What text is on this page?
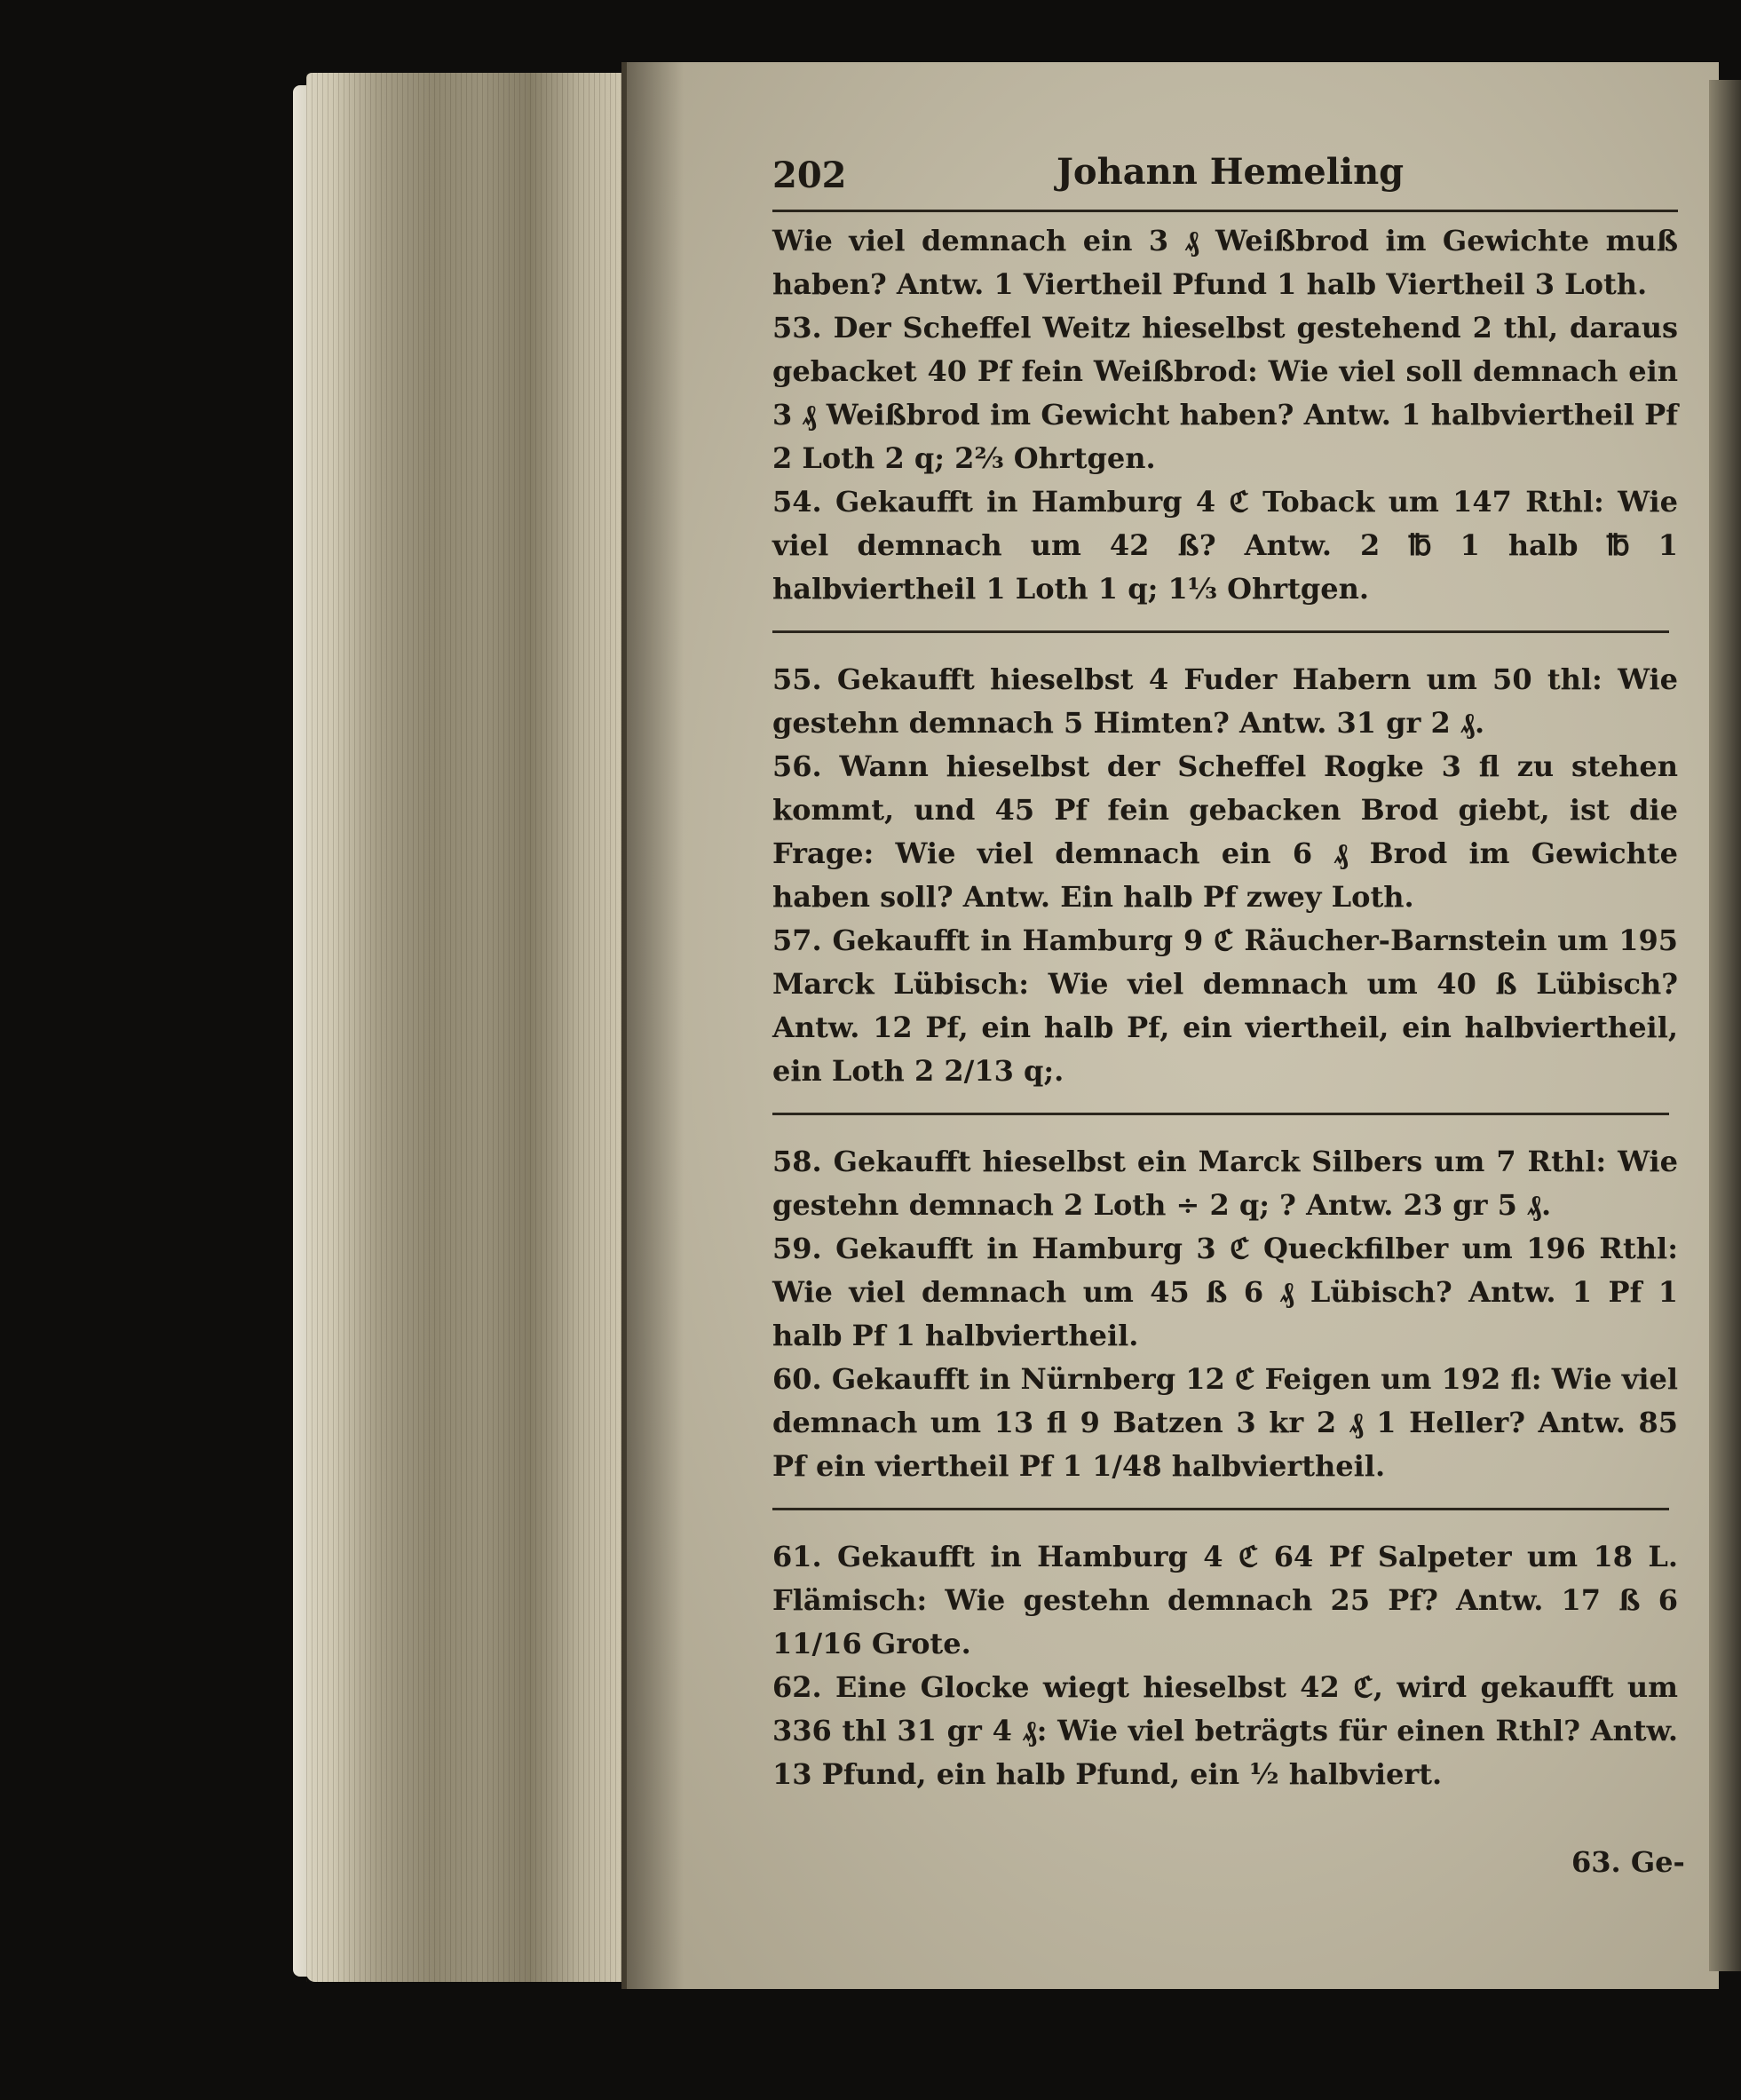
202	Johann Hemeling

Wie viel demnach ein 3 ₰ Weißbrod im Gewichte muß haben? Antw. 1 Viertheil Pfund 1 halb Viertheil 3 Loth.

53. Der Scheffel Weitz hieselbst gestehend 2 thl, daraus gebacket 40 Pf fein Weißbrod: Wie viel soll demnach ein 3 ₰ Weißbrod im Gewicht haben? Antw. 1 halbviertheil Pf 2 Loth 2 q; 2⅔ Ohrtgen.

54. Gekaufft in Hamburg 4 ℭ Toback um 147 Rthl: Wie viel demnach um 42 ß? Antw. 2 ℔ 1 halb ℔ 1 halbviertheil 1 Loth 1 q; 1⅓ Ohrtgen.

55. Gekaufft hieselbst 4 Fuder Habern um 50 thl: Wie gestehn demnach 5 Himten? Antw. 31 gr 2 ₰.

56. Wann hieselbst der Scheffel Rogke 3 fl zu stehen kommt, und 45 Pf fein gebacken Brod giebt, ist die Frage: Wie viel demnach ein 6 ₰ Brod im Gewichte haben soll? Antw. Ein halb Pf zwey Loth.

57. Gekaufft in Hamburg 9 ℭ Räucher-Barnstein um 195 Marck Lübisch: Wie viel demnach um 40 ß Lübisch? Antw. 12 Pf, ein halb Pf, ein viertheil, ein halbviertheil, ein Loth 2 2/13 q;.

58. Gekaufft hieselbst ein Marck Silbers um 7 Rthl: Wie gestehn demnach 2 Loth ÷ 2 q; ? Antw. 23 gr 5 ₰.

59. Gekaufft in Hamburg 3 ℭ Queckfilber um 196 Rthl: Wie viel demnach um 45 ß 6 ₰ Lübisch? Antw. 1 Pf 1 halb Pf 1 halbviertheil.

60. Gekaufft in Nürnberg 12 ℭ Feigen um 192 fl: Wie viel demnach um 13 fl 9 Batzen 3 kr 2 ₰ 1 Heller? Antw. 85 Pf ein viertheil Pf 1 1/48 halbviertheil.

61. Gekaufft in Hamburg 4 ℭ 64 Pf Salpeter um 18 L. Flämisch: Wie gestehn demnach 25 Pf? Antw. 17 ß 6 11/16 Grote.

62. Eine Glocke wiegt hieselbst 42 ℭ, wird gekaufft um 336 thl 31 gr 4 ₰: Wie viel beträgts für einen Rthl? Antw. 13 Pfund, ein halb Pfund, ein ½ halbviert.

63. Ge-
